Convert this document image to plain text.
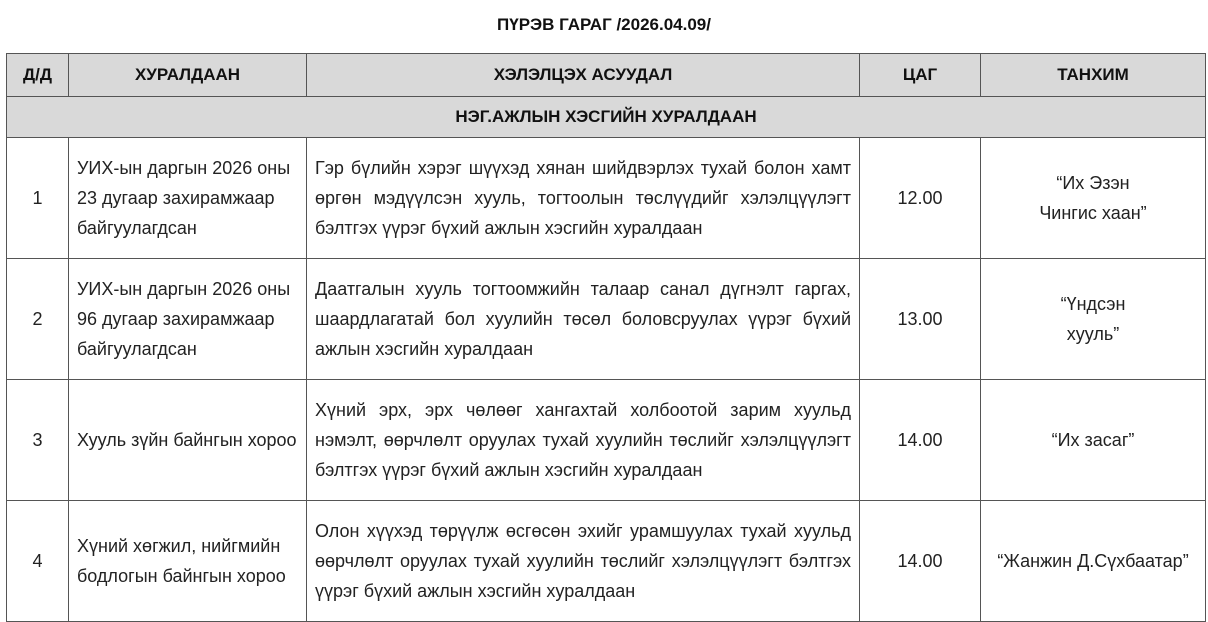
ПҮРЭВ ГАРАГ /2026.04.09/
Д/Д	ХУРАЛДААН	ХЭЛЭЛЦЭХ АСУУДАЛ	ЦАГ	ТАНХИМ
НЭГ.АЖЛЫН ХЭСГИЙН ХУРАЛДААН				
1	УИХ-ын даргын 2026 оны 23 дугаар захирамжаар байгуулагдсан	Гэр бүлийн хэрэг шүүхэд хянан шийдвэрлэх тухай болон хамт өргөн мэдүүлсэн хууль, тогтоолын төслүүдийг хэлэлцүүлэгт бэлтгэх үүрэг бүхий ажлын хэсгийн хуралдаан	12.00	“Их Эзэн
Чингис хаан”

2	УИХ-ын даргын 2026 оны 96 дугаар захирамжаар байгуулагдсан	Даатгалын хууль тогтоомжийн талаар санал дүгнэлт гаргах, шаардлагатай бол хуулийн төсөл боловсруулах үүрэг бүхий ажлын хэсгийн хуралдаан	13.00	“Үндсэн
хууль”

3	Хууль зүйн байнгын хороо	Хүний эрх, эрх чөлөөг хангахтай холбоотой зарим хуульд нэмэлт, өөрчлөлт оруулах тухай хуулийн төслийг хэлэлцүүлэгт бэлтгэх үүрэг бүхий ажлын хэсгийн хуралдаан	14.00	“Их засаг”

4	Хүний хөгжил, нийгмийн бодлогын байнгын хороо	Олон хүүхэд төрүүлж өсгөсөн эхийг урамшуулах тухай хуульд өөрчлөлт оруулах тухай хуулийн төслийг хэлэлцүүлэгт бэлтгэх үүрэг бүхий ажлын хэсгийн хуралдаан	14.00	“Жанжин Д.Сүхбаатар”
